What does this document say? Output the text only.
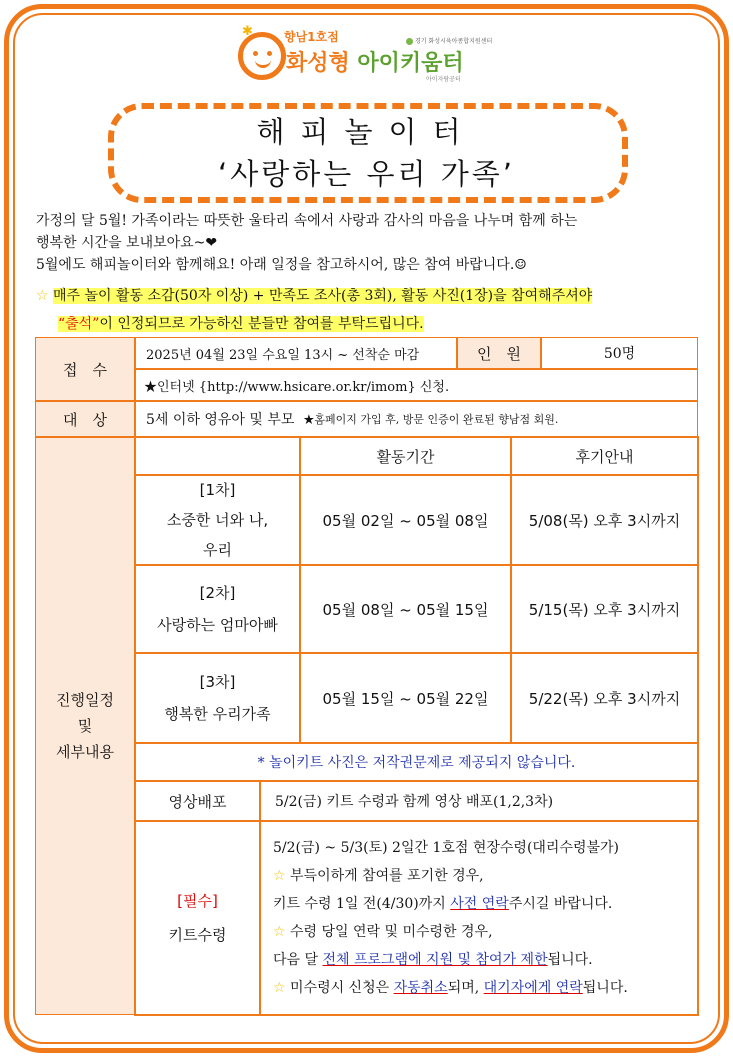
✱	향남1호점	경기 화성시육아종합지원센터
화성형 아이키움터
아이자람공터
해피놀이터
‘사랑하는 우리 가족’

가정의 달 5월! 가족이라는 따뜻한 울타리 속에서 사랑과 감사의 마음을 나누며 함께 하는

행복한 시간을 보내보아요~❤

5월에도 해피놀이터와 함께해요! 아래 일정을 참고하시어, 많은 참여 바랍니다.☺

☆ 매주 놀이 활동 소감(50자 이상) + 만족도 조사(총 3회), 활동 사진(1장)을 참여해주셔야
“출석”이 인정되므로 가능하신 분들만 참여를 부탁드립니다.
접　수
2025년 04월 23일 수요일 13시 ~ 선착순 마감	인　원	50명
★인터넷 {http://www.hsicare.or.kr/imom} 신청.
대　상	5세 이하 영유아 및 부모
★홈페이지 가입 후, 방문 인증이 완료된 향남점 회원.
진행일정
및
세부내용
활동기간	후기안내
[1차]
소중한 너와 나,
우리
05월 02일 ~ 05월 08일	5/08(목) 오후 3시까지
[2차]
사랑하는 엄마아빠
05월 08일 ~ 05월 15일	5/15(목) 오후 3시까지
[3차]
행복한 우리가족
05월 15일 ~ 05월 22일	5/22(목) 오후 3시까지
* 놀이키트 사진은 저작권문제로 제공되지 않습니다.
영상배포	5/2(금) 키트 수령과 함께 영상 배포(1,2,3차)
[필수]
키트수령
5/2(금) ~ 5/3(토) 2일간 1호점 현장수령(대리수령불가)
☆ 부득이하게 참여를 포기한 경우,
키트 수령 1일 전(4/30)까지 사전 연락주시길 바랍니다.
☆ 수령 당일 연락 및 미수령한 경우,
다음 달 전체 프로그램에 지원 및 참여가 제한됩니다.
☆ 미수령시 신청은 자동취소되며, 대기자에게 연락됩니다.
